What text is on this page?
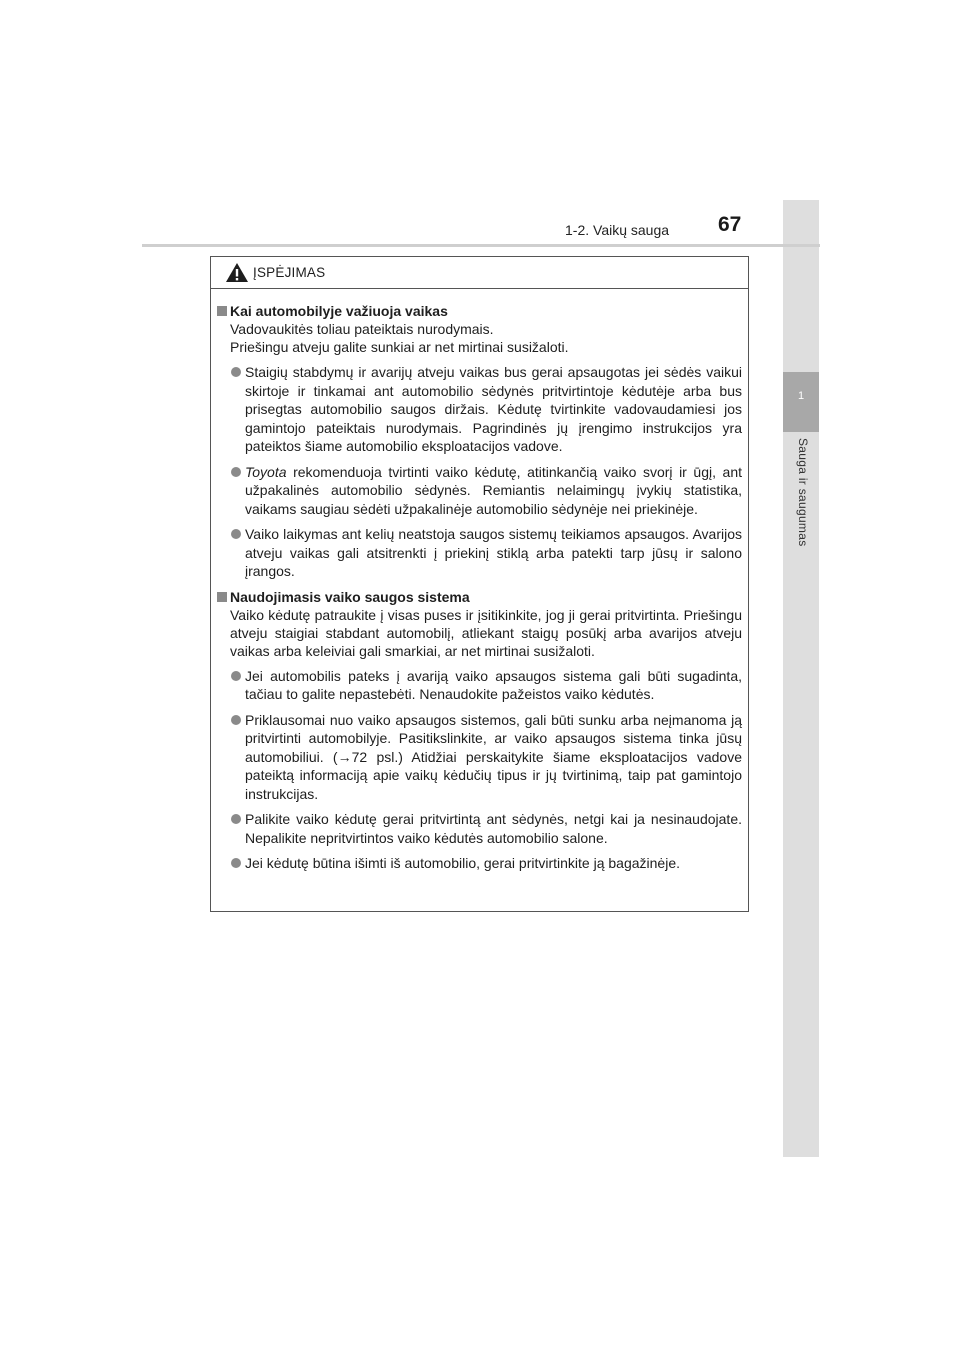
1
Sauga ir saugumas
1-2. Vaikų sauga 67
ĮSPĖJIMAS
Kai automobilyje važiuoja vaikas
Vadovaukitės toliau pateiktais nurodymais.
Priešingu atveju galite sunkiai ar net mirtinai susižaloti.
Staigių stabdymų ir avarijų atveju vaikas bus gerai apsaugotas jei sėdės vaikui skirtoje ir tinkamai ant automobilio sėdynės pritvirtintoje kėdutėje arba bus prisegtas automobilio saugos diržais. Kėdutę tvirtinkite vadovaudamiesi jos gamintojo pateiktais nurodymais. Pagrindinės jų įrengimo instrukcijos yra pateiktos šiame automobilio eksploatacijos vadove.
Toyota rekomenduoja tvirtinti vaiko kėdutę, atitinkančią vaiko svorį ir ūgį, ant užpakalinės automobilio sėdynės. Remiantis nelaimingų įvykių statistika, vaikams saugiau sėdėti užpakalinėje automobilio sėdynėje nei priekinėje.
Vaiko laikymas ant kelių neatstoja saugos sistemų teikiamos apsaugos. Avarijos atveju vaikas gali atsitrenkti į priekinį stiklą arba patekti tarp jūsų ir salono įrangos.
Naudojimasis vaiko saugos sistema
Vaiko kėdutę patraukite į visas puses ir įsitikinkite, jog ji gerai pritvirtinta. Priešingu atveju staigiai stabdant automobilį, atliekant staigų posūkį arba avarijos atveju vaikas arba keleiviai gali smarkiai, ar net mirtinai susižaloti.
Jei automobilis pateks į avariją vaiko apsaugos sistema gali būti sugadinta, tačiau to galite nepastebėti. Nenaudokite pažeistos vaiko kėdutės.
Priklausomai nuo vaiko apsaugos sistemos, gali būti sunku arba neįmanoma ją pritvirtinti automobilyje. Pasitikslinkite, ar vaiko apsaugos sistema tinka jūsų automobiliui. (→72 psl.) Atidžiai perskaitykite šiame eksploatacijos vadove pateiktą informaciją apie vaikų kėdučių tipus ir jų tvirtinimą, taip pat gamintojo instrukcijas.
Palikite vaiko kėdutę gerai pritvirtintą ant sėdynės, netgi kai ja nesinaudojate. Nepalikite nepritvirtintos vaiko kėdutės automobilio salone.
Jei kėdutę būtina išimti iš automobilio, gerai pritvirtinkite ją bagažinėje.
